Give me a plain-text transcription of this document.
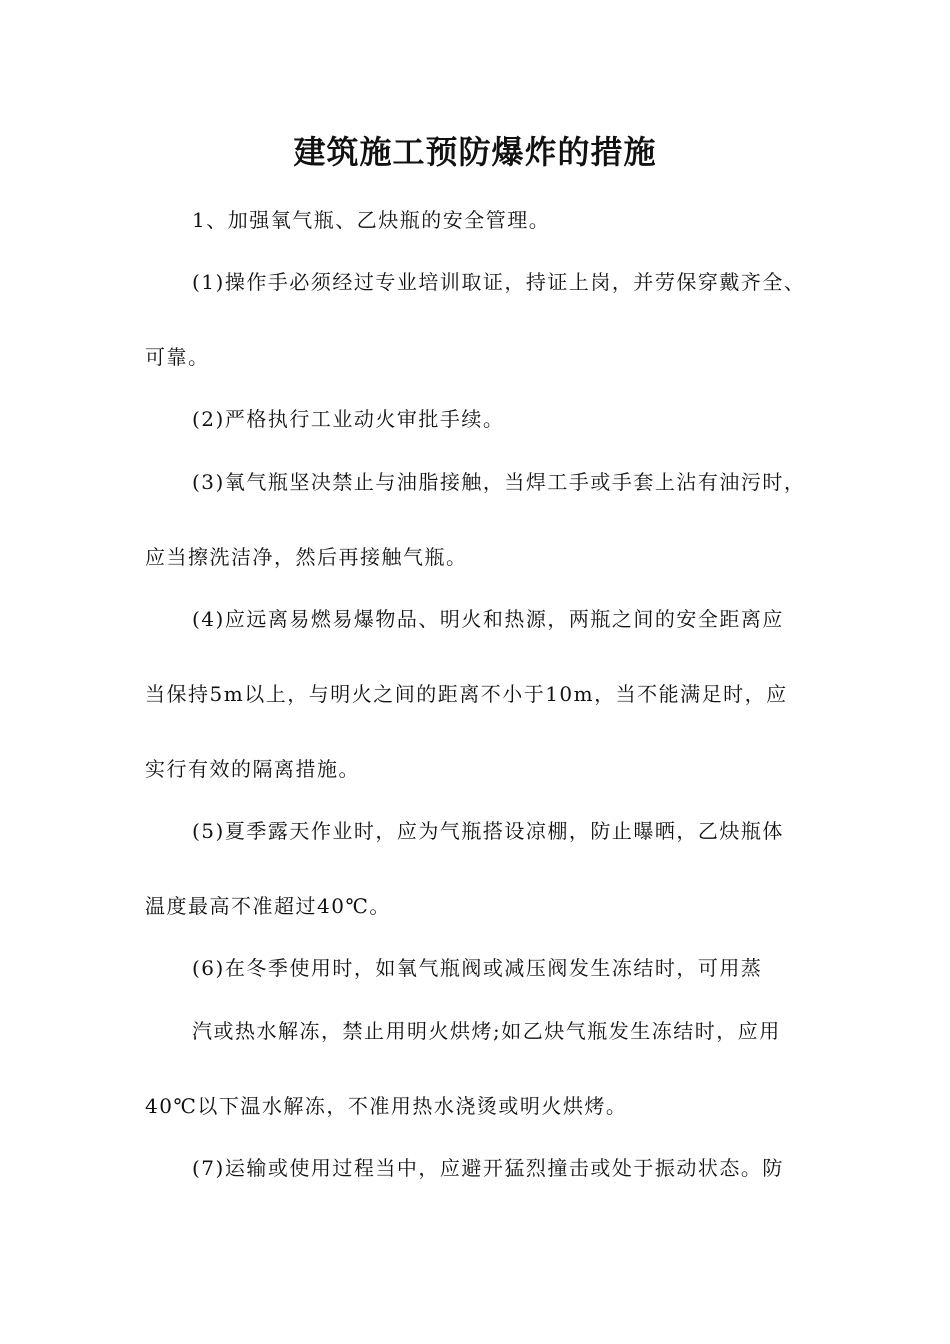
建筑施工预防爆炸的措施
1、加强氧气瓶、乙炔瓶的安全管理。
(1)操作手必须经过专业培训取证，持证上岗，并劳保穿戴齐全、
可靠。
(2)严格执行工业动火审批手续。
(3)氧气瓶坚决禁止与油脂接触，当焊工手或手套上沾有油污时，
应当擦洗洁净，然后再接触气瓶。
(4)应远离易燃易爆物品、明火和热源，两瓶之间的安全距离应
当保持5m以上，与明火之间的距离不小于10m，当不能满足时，应
实行有效的隔离措施。
(5)夏季露天作业时，应为气瓶搭设凉棚，防止曝晒，乙炔瓶体
温度最高不准超过40℃。
(6)在冬季使用时，如氧气瓶阀或减压阀发生冻结时，可用蒸
汽或热水解冻，禁止用明火烘烤;如乙炔气瓶发生冻结时，应用
40℃以下温水解冻，不准用热水浇烫或明火烘烤。
(7)运输或使用过程当中，应避开猛烈撞击或处于振动状态。防
